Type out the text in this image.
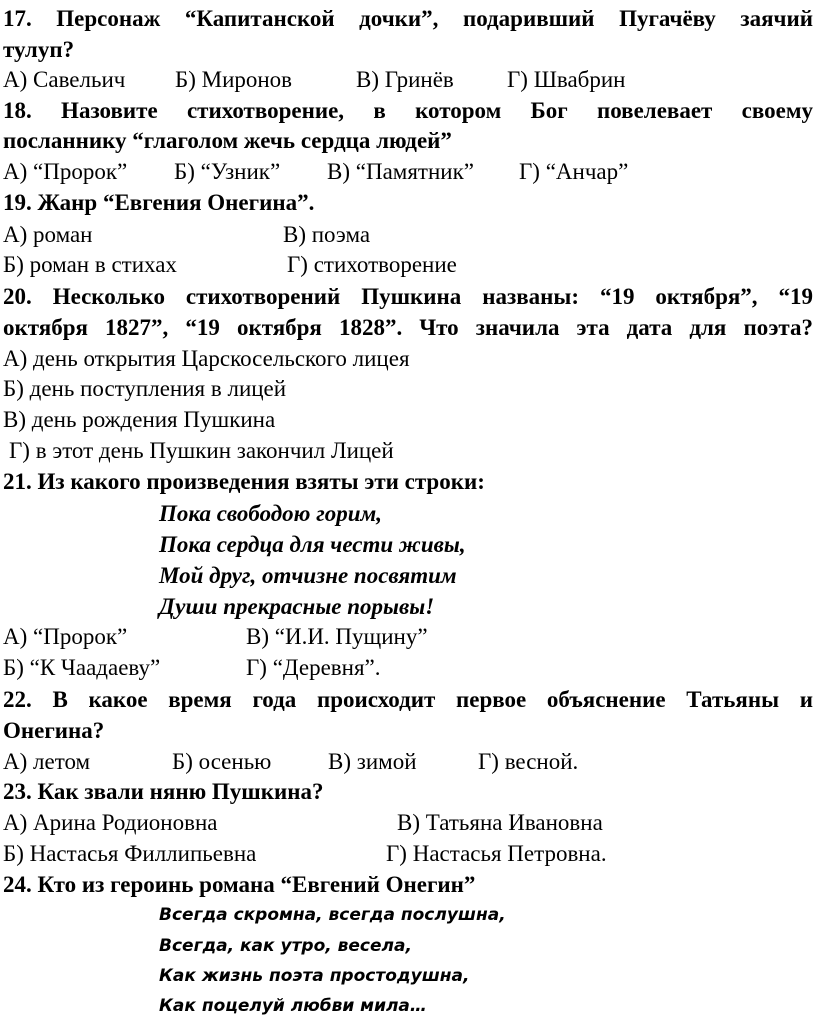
17. Персонаж “Капитанской дочки”, подаривший Пугачёву заячий
тулуп?
А) Савельич Б) Миронов	В) Гринёв Г) Швабрин
18. Назовите стихотворение, в котором Бог повелевает своему
посланнику “глаголом жечь сердца людей”
А) “Пророк” Б) “Узник” В) “Памятник” Г) “Анчар”
19. Жанр “Евгения Онегина”.
А) роман	В) поэма
Б) роман в стихах	Г) стихотворение
20. Несколько стихотворений Пушкина названы: “19 октября”, “19
октября 1827”, “19 октября 1828”. Что значила эта дата для поэта?
А) день открытия Царскосельского лицея
Б) день поступления в лицей
В) день рождения Пушкина
Г) в этот день Пушкин закончил Лицей
21. Из какого произведения взяты эти строки:
Пока свободою горим,
Пока сердца для чести живы,
Мой друг, отчизне посвятим
Души прекрасные порывы!
А) “Пророк”	В) “И.И. Пущину”
Б) “К Чаадаеву”	Г) “Деревня”.
22. В какое время года происходит первое объяснение Татьяны и
Онегина?
А) летом	Б) осенью В) зимой	Г) весной.
23. Как звали няню Пушкина?
А) Арина Родионовна	В) Татьяна Ивановна
Б) Настасья Филлипьевна	Г) Настасья Петровна.
24. Кто из героинь романа “Евгений Онегин”
Всегда скромна, всегда послушна,
Всегда, как утро, весела,
Как жизнь поэта простодушна,
Как поцелуй любви мила…
